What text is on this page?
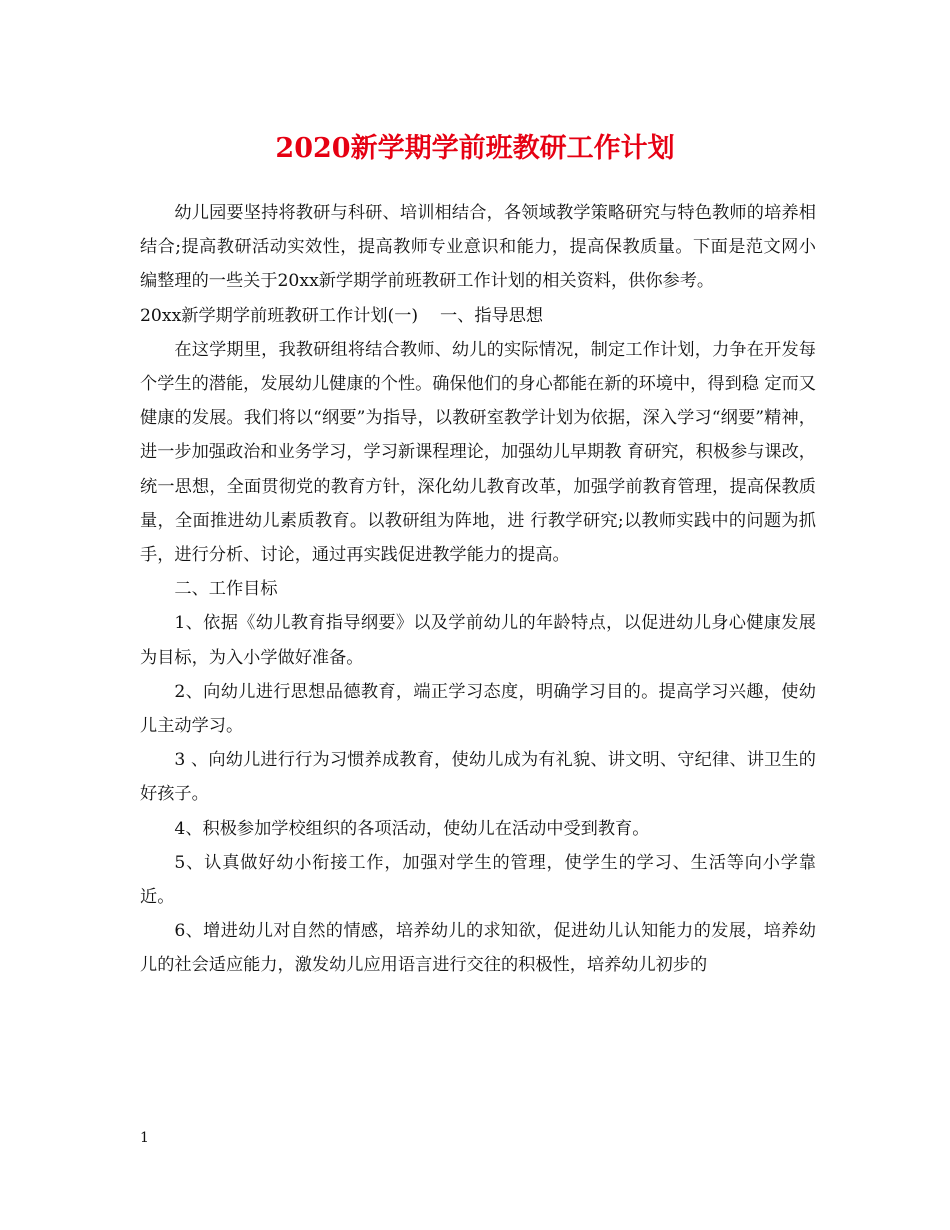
2020新学期学前班教研工作计划

幼儿园要坚持将教研与科研、培训相结合，各领域教学策略研究与特色教师的培养相结合;提高教研活动实效性，提高教师专业意识和能力，提高保教质量。下面是范文网小编整理的一些关于20xx新学期学前班教研工作计划的相关资料，供你参考。

20xx新学期学前班教研工作计划(一)    一、指导思想

在这学期里，我教研组将结合教师、幼儿的实际情况，制定工作计划，力争在开发每个学生的潜能，发展幼儿健康的个性。确保他们的身心都能在新的环境中，得到稳 定而又健康的发展。我们将以“纲要”为指导，以教研室教学计划为依据，深入学习“纲要”精神，进一步加强政治和业务学习，学习新课程理论，加强幼儿早期教 育研究，积极参与课改，统一思想，全面贯彻党的教育方针，深化幼儿教育改革，加强学前教育管理，提高保教质量，全面推进幼儿素质教育。以教研组为阵地，进 行教学研究;以教师实践中的问题为抓手，进行分析、讨论，通过再实践促进教学能力的提高。

二、工作目标

1、依据《幼儿教育指导纲要》以及学前幼儿的年龄特点，以促进幼儿身心健康发展为目标，为入小学做好准备。

2、向幼儿进行思想品德教育，端正学习态度，明确学习目的。提高学习兴趣，使幼儿主动学习。

3 、向幼儿进行行为习惯养成教育，使幼儿成为有礼貌、讲文明、守纪律、讲卫生的好孩子。

4、积极参加学校组织的各项活动，使幼儿在活动中受到教育。

5、认真做好幼小衔接工作，加强对学生的管理，使学生的学习、生活等向小学靠近。

6、增进幼儿对自然的情感，培养幼儿的求知欲，促进幼儿认知能力的发展，培养幼儿的社会适应能力，激发幼儿应用语言进行交往的积极性，培养幼儿初步的

1
